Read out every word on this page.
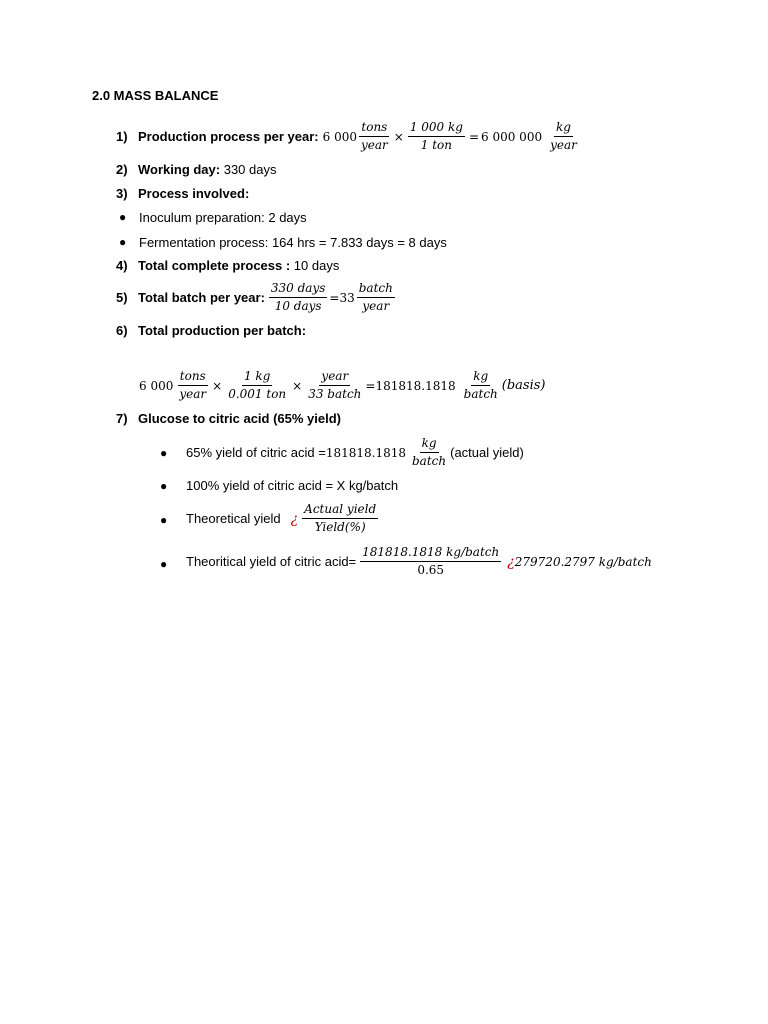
2.0 MASS BALANCE
1) Production process per year: 6 $000 \frac{\text{tons}}{\text{year}} \times \frac{1 000 kg}{\text{1 ton}} = 6$ 000 $000 \frac{kg}{\text{year}}$
2) Working day: 330 days
3) Process involved:
● Inoculum preparation: 2 days
● Fermentation process: 164 hrs = 7.833 days = 8 days
4) Total complete process : 10 days
5) Total batch per year: $\frac{\text{330 days}}{\text{10 days}} = 33 \frac{\text{batch}}{\text{year}}$
6) Total production per batch:
6 $000 \frac{\text{tons}}{\text{year}} \times \frac{1 kg}{\text{0.001 ton}} \times \frac{\text{year}}{\text{33 batch}} = 181818.1818 \frac{kg}{\text{batch}}$ (basis)
7) Glucose to citric acid (65% yield)
● 65% yield of citric acid = $181818.1818 \frac{kg}{\text{batch}}$ (actual yield)
● 100% yield of citric acid = X kg/batch
● Theoretical yield ¿ $\frac{\text{Actual yield}}{\text{Yield(\%)}}$
● Theoritical yield of citric acid= $\frac{\text{181818.1818 kg/batch}}{0.65}$ ¿ 279720.2797 kg/batch
